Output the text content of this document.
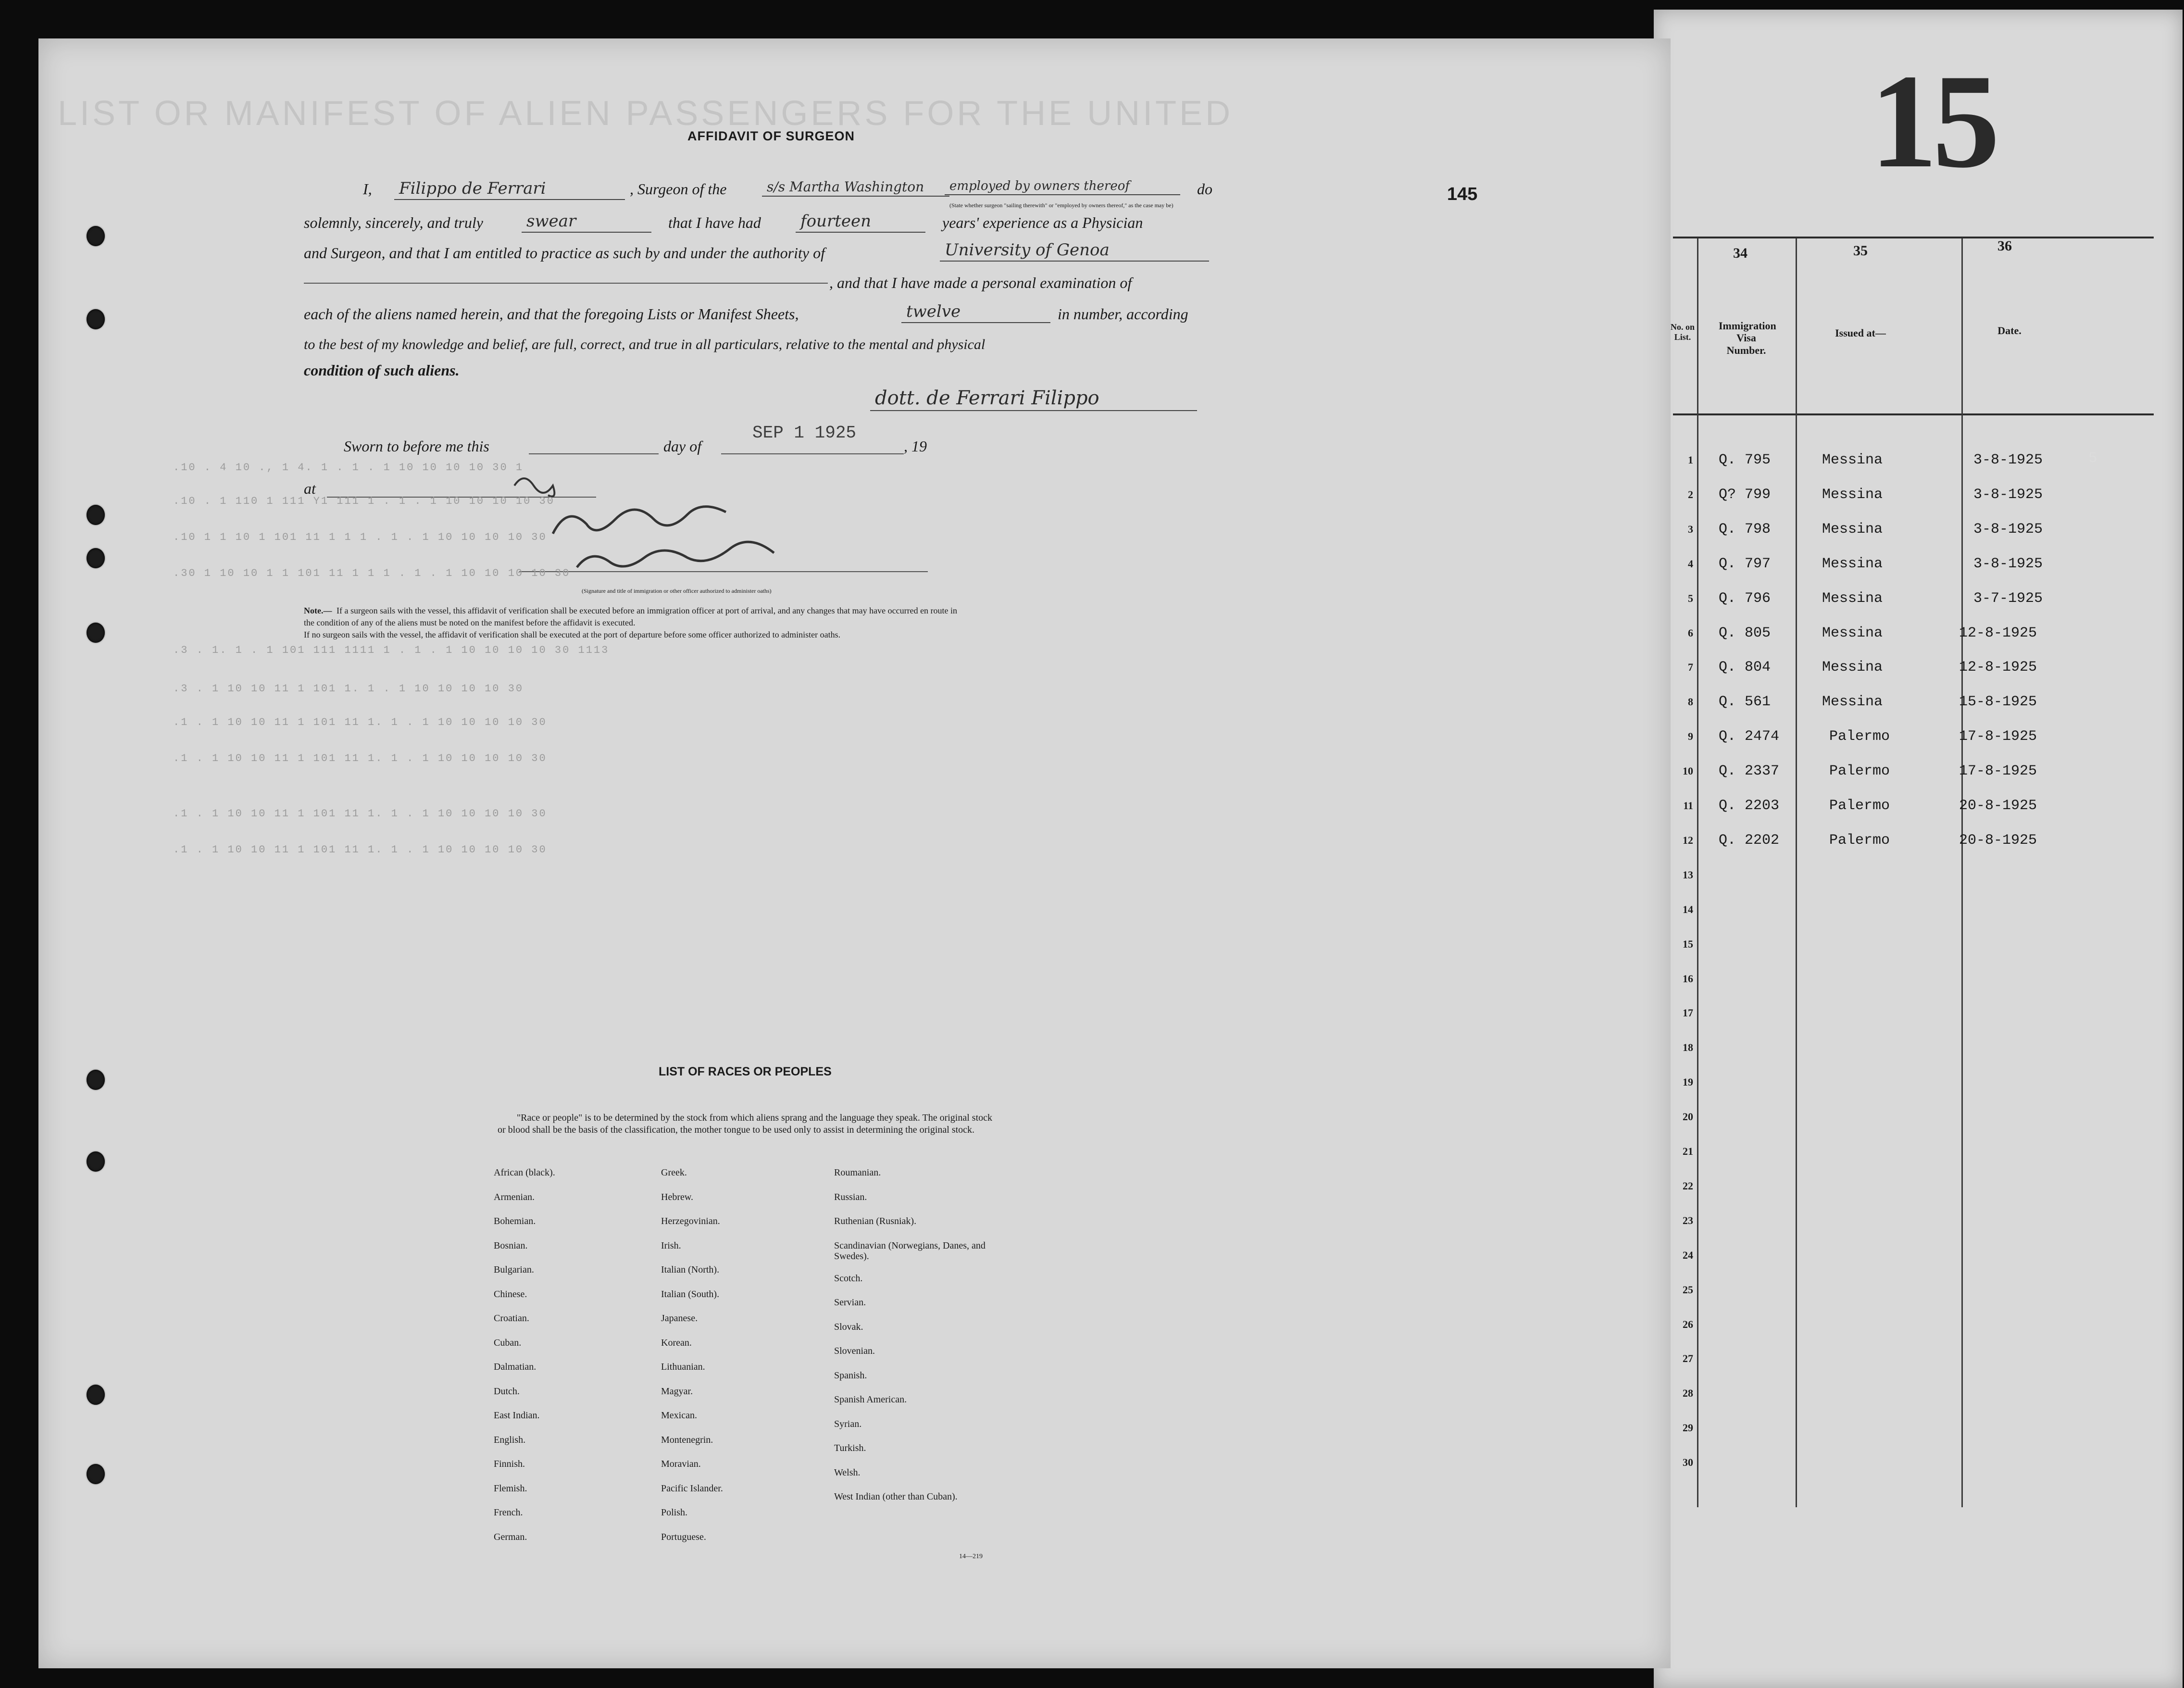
15
34	35	36
No. on List.
Immigration Visa Number.
Issued at—	Date.
5
1 Q. 795	Messina	3-8-1925
2 Q? 799	Messina	3-8-1925
3 Q. 798	Messina	3-8-1925
4 Q. 797	Messina	3-8-1925
5 Q. 796	Messina	3-7-1925
6 Q. 805	Messina	12-8-1925
7 Q. 804	Messina	12-8-1925
8 Q. 561	Messina	15-8-1925
9 Q. 2474	Palermo	17-8-1925
10 Q. 2337	Palermo	17-8-1925
11 Q. 2203	Palermo	20-8-1925
12 Q. 2202	Palermo	20-8-1925
13
14
15
16
17
18
19
20
21
22
23
24
25
26
27
28
29
30
LIST OR MANIFEST OF ALIEN PASSENGERS FOR THE UNITED
AFFIDAVIT OF SURGEON
145
I, Filippo de Ferrari	, Surgeon of the	s/s Martha Washington	employed by owners thereof	do
(State whether surgeon "sailing therewith" or "employed by owners thereof," as the case may be)
solemnly, sincerely, and truly	swear	that I have had fourteen	years' experience as a Physician
and Surgeon, and that I am entitled to practice as such by and under the authority of	University of Genoa
, and that I have made a personal examination of
each of the aliens named herein, and that the foregoing Lists or Manifest Sheets,	twelve	in number, according
to the best of my knowledge and belief, are full, correct, and true in all particulars, relative to the mental and physical
condition of such aliens.
dott. de Ferrari Filippo
Sworn to before me this	day of
SEP 1 1925
, 19
at
(Signature and title of immigration or other officer authorized to administer oaths)
.10 . 4 10 ., 1 4. 1 . 1 . 1 10 10 10 10 30 1
.10 . 1 110 1 111 Y1 111 1 . 1 . 1 10 10 10 10 30
.10 1 1 10 1 101 11 1 1 1 . 1 . 1 10 10 10 10 30
.30 1 10 10 1 1 101 11 1 1 1 . 1 . 1 10 10 10 10 30
.3 . 1. 1 . 1 101 111 1111 1 . 1 . 1 10 10 10 10 30 1113
.3 . 1 10 10 11 1 101 1. 1 . 1 10 10 10 10 30
.1 . 1 10 10 11 1 101 11 1. 1 . 1 10 10 10 10 30
.1 . 1 10 10 11 1 101 11 1. 1 . 1 10 10 10 10 30
.1 . 1 10 10 11 1 101 11 1. 1 . 1 10 10 10 10 30
.1 . 1 10 10 11 1 101 11 1. 1 . 1 10 10 10 10 30
Note.— If a surgeon sails with the vessel, this affidavit of verification shall be executed before an immigration officer at port of arrival, and any changes that may have occurred en route in
the condition of any of the aliens must be noted on the manifest before the affidavit is executed.
If no surgeon sails with the vessel, the affidavit of verification shall be executed at the port of departure before some officer authorized to administer oaths.
LIST OF RACES OR PEOPLES
"Race or people" is to be determined by the stock from which aliens sprang and the language they speak. The original stock or blood shall be the basis of the classification, the mother tongue to be used only to assist in determining the original stock.
African (black).
Armenian.
Bohemian.
Bosnian.
Bulgarian.
Chinese.
Croatian.
Cuban.
Dalmatian.
Dutch.
East Indian.
English.
Finnish.
Flemish.
French.
German.
Greek.
Hebrew.
Herzegovinian.
Irish.
Italian (North).
Italian (South).
Japanese.
Korean.
Lithuanian.
Magyar.
Mexican.
Montenegrin.
Moravian.
Pacific Islander.
Polish.
Portuguese.
Roumanian.
Russian.
Ruthenian (Rusniak).
Scandinavian (Norwegians, Danes, and Swedes).
Scotch.
Servian.
Slovak.
Slovenian.
Spanish.
Spanish American.
Syrian.
Turkish.
Welsh.
West Indian (other than Cuban).
14—219
